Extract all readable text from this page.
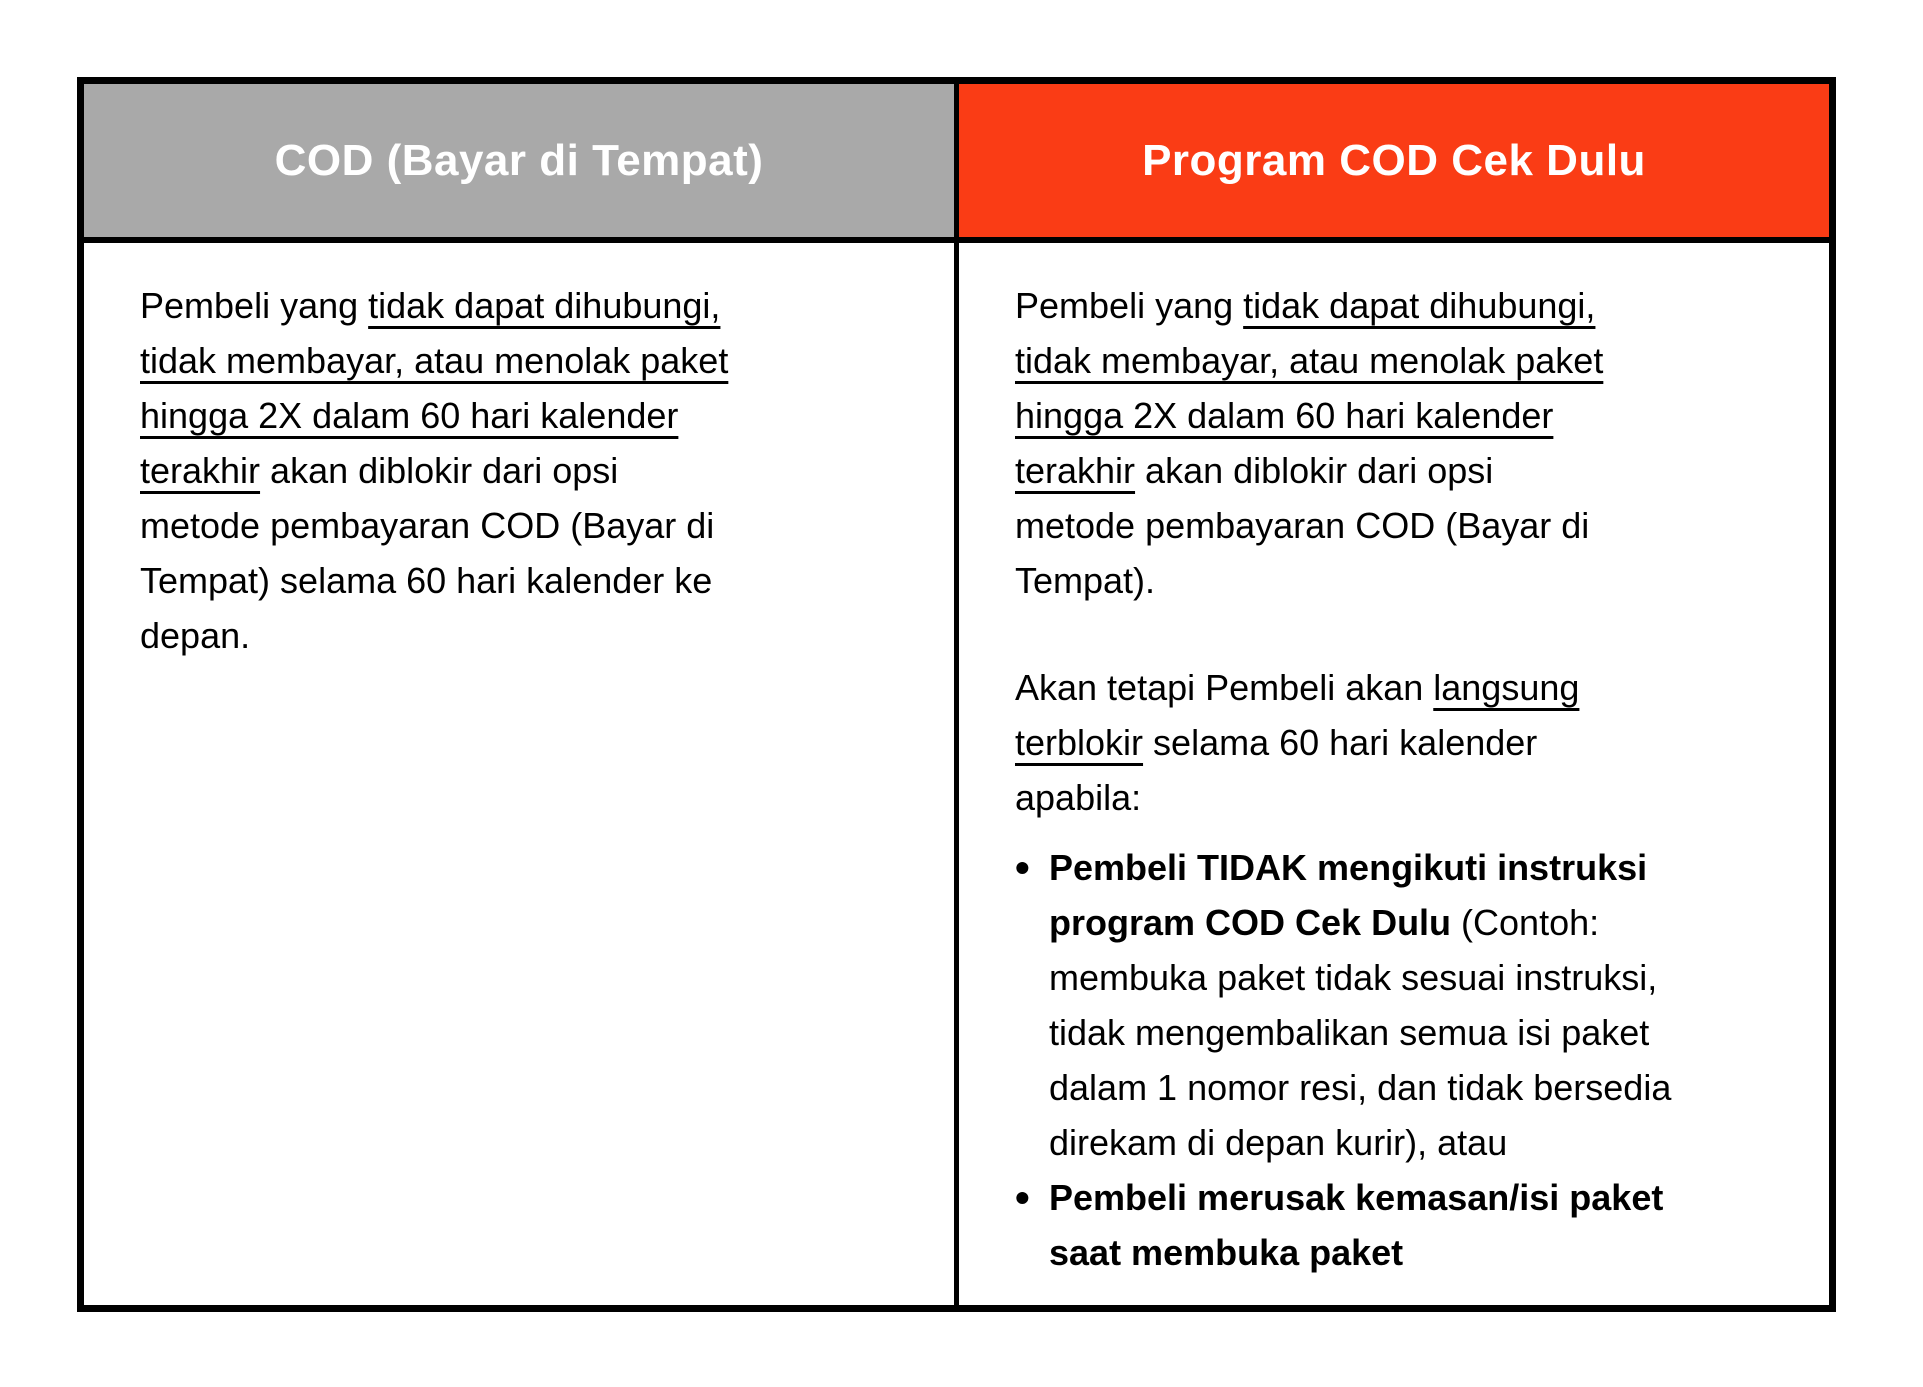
COD (Bayar di Tempat)	Program COD Cek Dulu

Pembeli yang tidak dapat dihubungi,
tidak membayar, atau menolak paket
hingga 2X dalam 60 hari kalender
terakhir akan diblokir dari opsi
metode pembayaran COD (Bayar di
Tempat) selama 60 hari kalender ke
depan.

Pembeli yang tidak dapat dihubungi,
tidak membayar, atau menolak paket
hingga 2X dalam 60 hari kalender
terakhir akan diblokir dari opsi
metode pembayaran COD (Bayar di
Tempat).

Akan tetapi Pembeli akan langsung
terblokir selama 60 hari kalender
apabila:

• Pembeli TIDAK mengikuti instruksi
program COD Cek Dulu (Contoh:
membuka paket tidak sesuai instruksi,
tidak mengembalikan semua isi paket
dalam 1 nomor resi, dan tidak bersedia
direkam di depan kurir), atau
• Pembeli merusak kemasan/isi paket
saat membuka paket
